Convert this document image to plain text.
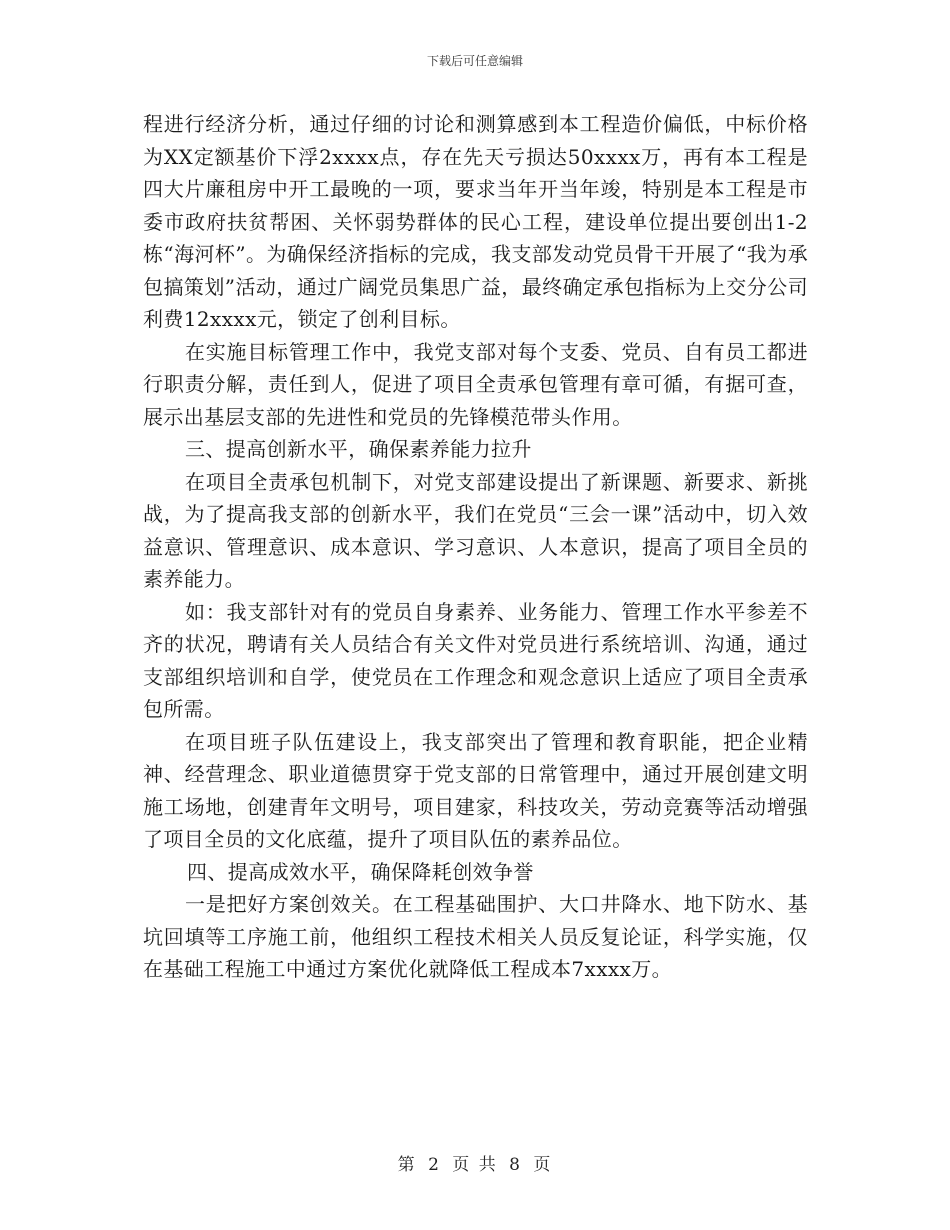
下载后可任意编辑

程进行经济分析，通过仔细的讨论和测算感到本工程造价偏低，中标价格为XX定额基价下浮2xxxx点，存在先天亏损达50xxxx万，再有本工程是四大片廉租房中开工最晚的一项，要求当年开当年竣，特别是本工程是市委市政府扶贫帮困、关怀弱势群体的民心工程，建设单位提出要创出1-2栋“海河杯”。为确保经济指标的完成，我支部发动党员骨干开展了“我为承包搞策划”活动，通过广阔党员集思广益，最终确定承包指标为上交分公司利费12xxxx元，锁定了创利目标。

在实施目标管理工作中，我党支部对每个支委、党员、自有员工都进行职责分解，责任到人，促进了项目全责承包管理有章可循，有据可查，展示出基层支部的先进性和党员的先锋模范带头作用。

三、提高创新水平，确保素养能力拉升

在项目全责承包机制下，对党支部建设提出了新课题、新要求、新挑战，为了提高我支部的创新水平，我们在党员“三会一课”活动中，切入效益意识、管理意识、成本意识、学习意识、人本意识，提高了项目全员的素养能力。

如：我支部针对有的党员自身素养、业务能力、管理工作水平参差不齐的状况，聘请有关人员结合有关文件对党员进行系统培训、沟通，通过支部组织培训和自学，使党员在工作理念和观念意识上适应了项目全责承包所需。

在项目班子队伍建设上，我支部突出了管理和教育职能，把企业精神、经营理念、职业道德贯穿于党支部的日常管理中，通过开展创建文明施工场地，创建青年文明号，项目建家，科技攻关，劳动竞赛等活动增强了项目全员的文化底蕴，提升了项目队伍的素养品位。

四、提高成效水平，确保降耗创效争誉

一是把好方案创效关。在工程基础围护、大口井降水、地下防水、基坑回填等工序施工前，他组织工程技术相关人员反复论证，科学实施，仅在基础工程施工中通过方案优化就降低工程成本7xxxx万。

第 2 页 共 8 页
